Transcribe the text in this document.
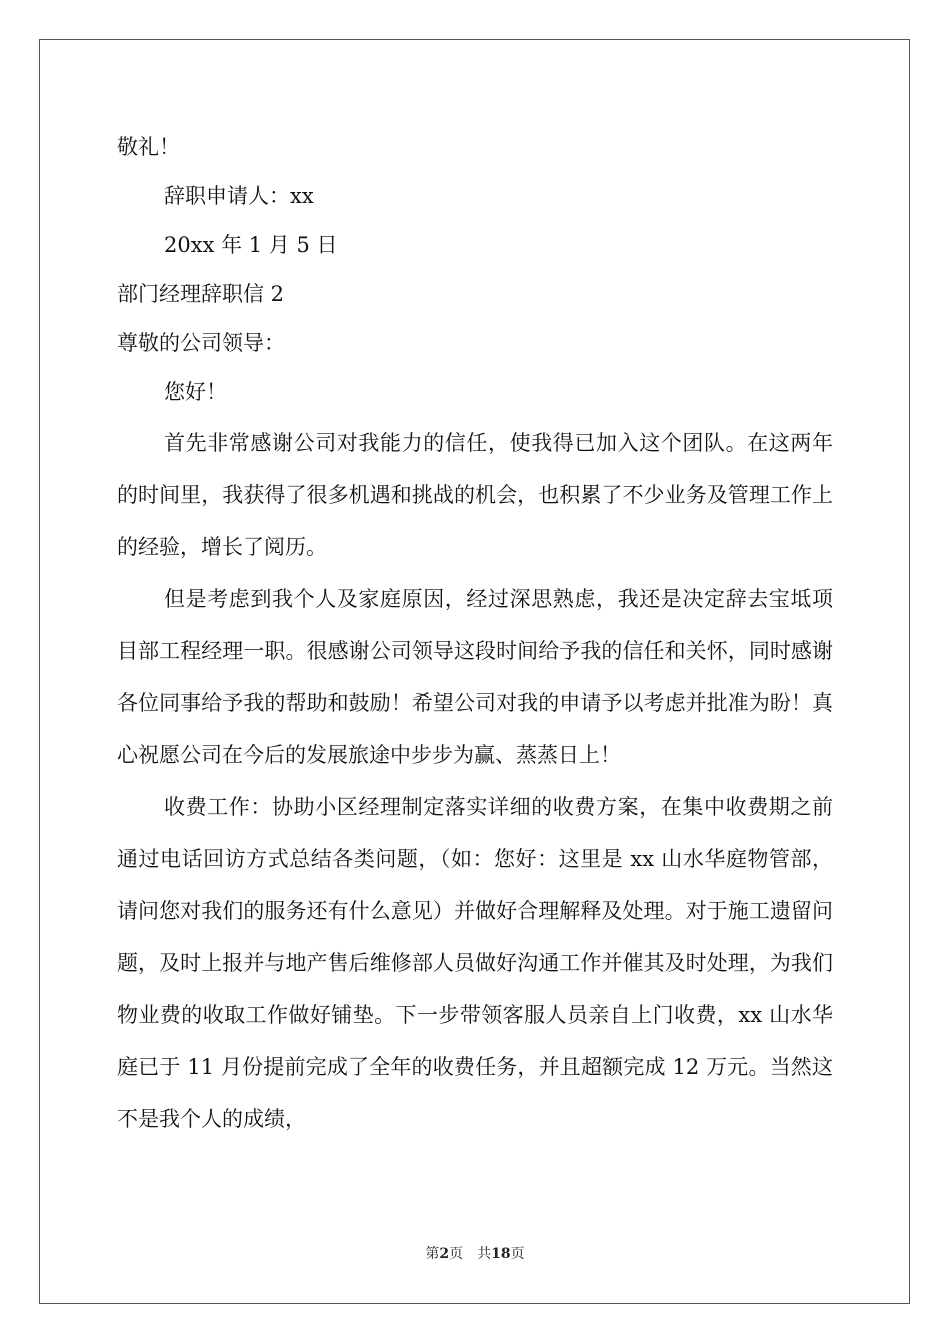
敬礼！

辞职申请人：xx

20xx 年 1 月 5 日

部门经理辞职信 2

尊敬的公司领导：

您好！

首先非常感谢公司对我能力的信任，使我得已加入这个团队。在这两年的时间里，我获得了很多机遇和挑战的机会，也积累了不少业务及管理工作上的经验，增长了阅历。

但是考虑到我个人及家庭原因，经过深思熟虑，我还是决定辞去宝坻项目部工程经理一职。很感谢公司领导这段时间给予我的信任和关怀，同时感谢各位同事给予我的帮助和鼓励！希望公司对我的申请予以考虑并批准为盼！真心祝愿公司在今后的发展旅途中步步为赢、蒸蒸日上！

收费工作：协助小区经理制定落实详细的收费方案，在集中收费期之前通过电话回访方式总结各类问题，（如：您好：这里是 xx 山水华庭物管部，请问您对我们的服务还有什么意见）并做好合理解释及处理。对于施工遗留问题，及时上报并与地产售后维修部人员做好沟通工作并催其及时处理，为我们物业费的收取工作做好铺垫。下一步带领客服人员亲自上门收费，xx 山水华庭已于 11 月份提前完成了全年的收费任务，并且超额完成 12 万元。当然这不是我个人的成绩，

第2页 共18页
